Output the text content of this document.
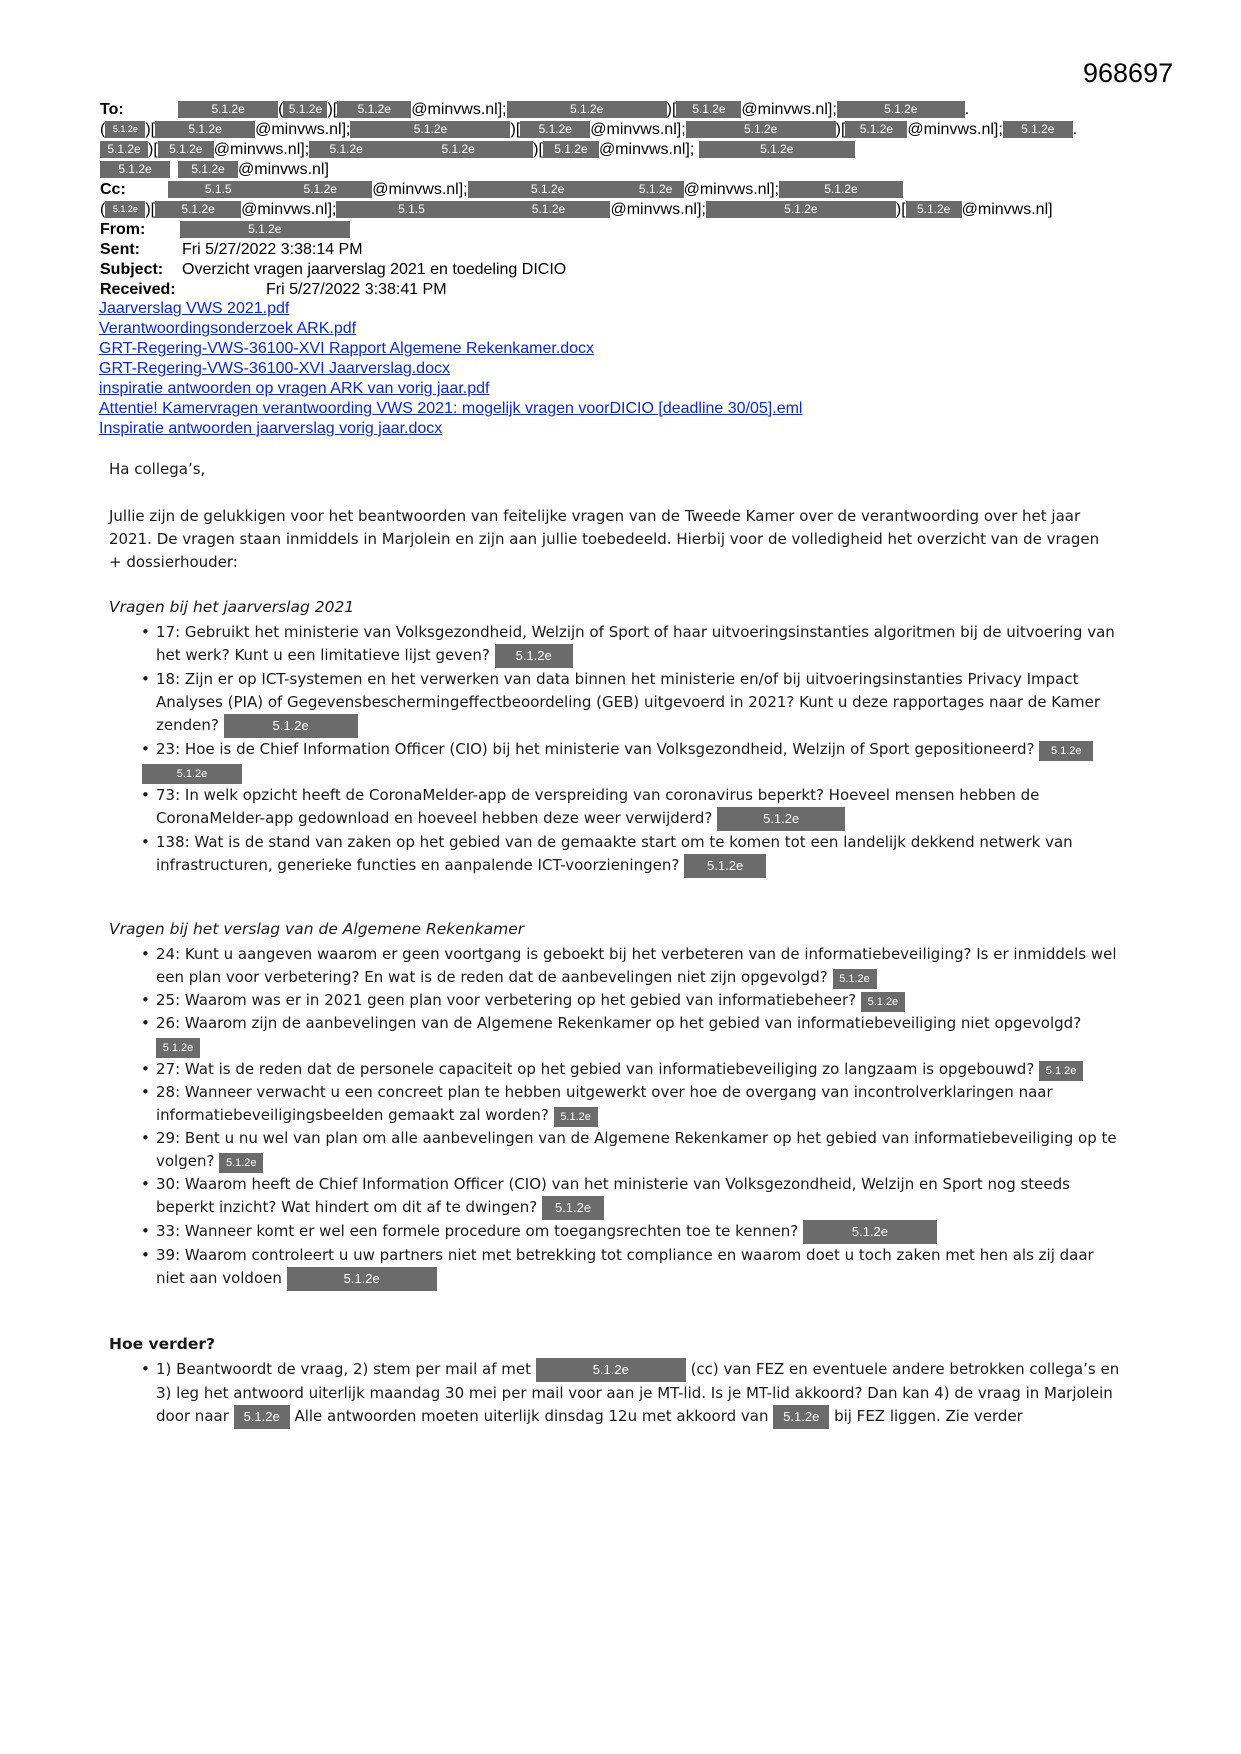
968697
To:	5.1.2e ( 5.1.2e )[ 5.1.2e @minvws.nl];	5.1.2e	)[ 5.1.2e @minvws.nl];	5.1.2e	.
( 5.1.2e )[	5.1.2e @minvws.nl];	5.1.2e	)[ 5.1.2e @minvws.nl];	5.1.2e	)[ 5.1.2e @minvws.nl]; 5.1.2e .
5.1.2e )[ 5.1.2e @minvws.nl]; 5.1.2e	5.1.2e	)[ 5.1.2e @minvws.nl];	5.1.2e
5.1.2e	5.1.2e @minvws.nl]
Cc:	5.1.5	5.1.2e @minvws.nl];	5.1.2e	5.1.2e @minvws.nl];	5.1.2e
( 5.1.2e )[ 5.1.2e @minvws.nl];	5.1.5	5.1.2e	@minvws.nl];	5.1.2e	)[ 5.1.2e @minvws.nl]
From:	5.1.2e
Sent:	Fri 5/27/2022 3:38:14 PM
Subject: Overzicht vragen jaarverslag 2021 en toedeling DICIO
Received:	Fri 5/27/2022 3:38:41 PM
Jaarverslag VWS 2021.pdf
Verantwoordingsonderzoek ARK.pdf
GRT-Regering-VWS-36100-XVI Rapport Algemene Rekenkamer.docx
GRT-Regering-VWS-36100-XVI Jaarverslag.docx
inspiratie antwoorden op vragen ARK van vorig jaar.pdf
Attentie! Kamervragen verantwoording VWS 2021: mogelijk vragen voorDICIO [deadline 30/05].eml
Inspiratie antwoorden jaarverslag vorig jaar.docx
Ha collega’s,
Jullie zijn de gelukkigen voor het beantwoorden van feitelijke vragen van de Tweede Kamer over de verantwoording over het jaar
2021. De vragen staan inmiddels in Marjolein en zijn aan jullie toebedeeld. Hierbij voor de volledigheid het overzicht van de vragen
+ dossierhouder:
Vragen bij het jaarverslag 2021
• 17: Gebruikt het ministerie van Volksgezondheid, Welzijn of Sport of haar uitvoeringsinstanties algoritmen bij de uitvoering van het werk? Kunt u een limitatieve lijst geven? 5.1.2e
• 18: Zijn er op ICT-systemen en het verwerken van data binnen het ministerie en/of bij uitvoeringsinstanties Privacy Impact Analyses (PIA) of Gegevensbeschermingeffectbeoordeling (GEB) uitgevoerd in 2021? Kunt u deze rapportages naar de Kamer zenden?	5.1.2e
• 23: Hoe is de Chief Information Officer (CIO) bij het ministerie van Volksgezondheid, Welzijn of Sport gepositioneerd? 5.1.2e 5.1.2e
• 73: In welk opzicht heeft de CoronaMelder-app de verspreiding van coronavirus beperkt? Hoeveel mensen hebben de CoronaMelder-app gedownload en hoeveel hebben deze weer verwijderd?	5.1.2e
• 138: Wat is de stand van zaken op het gebied van de gemaakte start om te komen tot een landelijk dekkend netwerk van infrastructuren, generieke functies en aanpalende ICT-voorzieningen? 5.1.2e
Vragen bij het verslag van de Algemene Rekenkamer
• 24: Kunt u aangeven waarom er geen voortgang is geboekt bij het verbeteren van de informatiebeveiliging? Is er inmiddels wel een plan voor verbetering? En wat is de reden dat de aanbevelingen niet zijn opgevolgd? 5.1.2e
• 25: Waarom was er in 2021 geen plan voor verbetering op het gebied van informatiebeheer? 5.1.2e
• 26: Waarom zijn de aanbevelingen van de Algemene Rekenkamer op het gebied van informatiebeveiliging niet opgevolgd? 5.1.2e
• 27: Wat is de reden dat de personele capaciteit op het gebied van informatiebeveiliging zo langzaam is opgebouwd? 5.1.2e
• 28: Wanneer verwacht u een concreet plan te hebben uitgewerkt over hoe de overgang van incontrolverklaringen naar informatiebeveiligingsbeelden gemaakt zal worden? 5.1.2e
• 29: Bent u nu wel van plan om alle aanbevelingen van de Algemene Rekenkamer op het gebied van informatiebeveiliging op te volgen? 5.1.2e
• 30: Waarom heeft de Chief Information Officer (CIO) van het ministerie van Volksgezondheid, Welzijn en Sport nog steeds beperkt inzicht? Wat hindert om dit af te dwingen? 5.1.2e
• 33: Wanneer komt er wel een formele procedure om toegangsrechten toe te kennen?	5.1.2e
• 39: Waarom controleert u uw partners niet met betrekking tot compliance en waarom doet u toch zaken met hen als zij daar niet aan voldoen	5.1.2e
Hoe verder?
• 1) Beantwoordt de vraag, 2) stem per mail af met	5.1.2e	(cc) van FEZ en eventuele andere betrokken collega’s en 3) leg het antwoord uiterlijk maandag 30 mei per mail voor aan je MT-lid. Is je MT-lid akkoord? Dan kan 4) de vraag in Marjolein door naar 5.1.2e Alle antwoorden moeten uiterlijk dinsdag 12u met akkoord van 5.1.2e bij FEZ liggen. Zie verder
